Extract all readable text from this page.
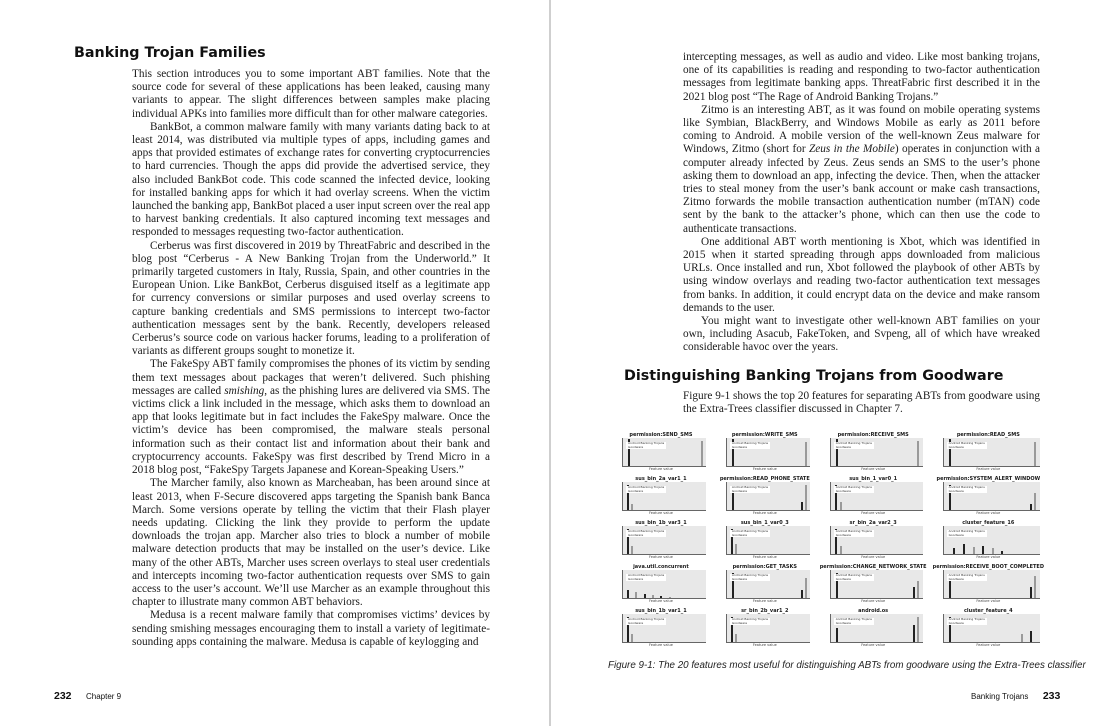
Banking Trojan Families

This section introduces you to some important ABT families. Note that the source code for several of these applications has been leaked, causing many variants to appear. The slight differences between samples make placing individual APKs into families more difficult than for other malware categories.

BankBot, a common malware family with many variants dating back to at least 2014, was distributed via multiple types of apps, including games and apps that provided estimates of exchange rates for converting cryptocurrencies to hard currencies. Though the apps did provide the advertised service, they also included BankBot code. This code scanned the infected device, looking for installed banking apps for which it had overlay screens. When the victim launched the banking app, BankBot placed a user input screen over the real app to harvest banking credentials. It also captured incoming text messages and responded to messages requesting two-factor authentication.

Cerberus was first discovered in 2019 by ThreatFabric and described in the blog post “Cerberus - A New Banking Trojan from the Underworld.” It primarily targeted customers in Italy, Russia, Spain, and other countries in the European Union. Like BankBot, Cerberus disguised itself as a legitimate app for currency conversions or similar purposes and used overlay screens to capture banking credentials and SMS permissions to intercept two-factor authentication messages sent by the bank. Recently, developers released Cerberus’s source code on various hacker forums, leading to a proliferation of variants as different groups sought to monetize it.

The FakeSpy ABT family compromises the phones of its victim by sending them text messages about packages that weren’t delivered. Such phishing messages are called smishing, as the phishing lures are delivered via SMS. The victims click a link included in the message, which asks them to download an app that looks legitimate but in fact includes the FakeSpy malware. Once the victim’s device has been compromised, the malware steals personal information such as their contact list and information about their bank and cryptocurrency accounts. FakeSpy was first described by Trend Micro in a 2018 blog post, “FakeSpy Targets Japanese and Korean-Speaking Users.”

The Marcher family, also known as Marcheaban, has been around since at least 2013, when F-Secure discovered apps targeting the Spanish bank Banca March. Some versions operate by telling the victim that their Flash player needs updating. Clicking the link they provide to perform the update downloads the trojan app. Marcher also tries to block a number of mobile malware detection products that may be installed on the user’s device. Like many of the other ABTs, Marcher uses screen overlays to steal user credentials and intercepts incoming two-factor authentication requests over SMS to gain access to the user’s account. We’ll use Marcher as an example throughout this chapter to illustrate many common ABT behaviors.

Medusa is a recent malware family that compromises victims’ devices by sending smishing messages encouraging them to install a variety of legitimate-sounding apps containing the malware. Medusa is capable of keylogging and

232 Chapter 9

intercepting messages, as well as audio and video. Like most banking trojans, one of its capabilities is reading and responding to two-factor authentication messages from legitimate banking apps. ThreatFabric first described it in the 2021 blog post “The Rage of Android Banking Trojans.”

Zitmo is an interesting ABT, as it was found on mobile operating systems like Symbian, BlackBerry, and Windows Mobile as early as 2011 before coming to Android. A mobile version of the well-known Zeus malware for Windows, Zitmo (short for Zeus in the Mobile) operates in conjunction with a computer already infected by Zeus. Zeus sends an SMS to the user’s phone asking them to download an app, infecting the device. Then, when the attacker tries to steal money from the user’s bank account or make cash transactions, Zitmo forwards the mobile transaction authentication number (mTAN) code sent by the bank to the attacker’s phone, which can then use the code to authenticate transactions.

One additional ABT worth mentioning is Xbot, which was identified in 2015 when it started spreading through apps downloaded from malicious URLs. Once installed and run, Xbot followed the playbook of other ABTs by using window overlays and reading two-factor authentication text messages from banks. In addition, it could encrypt data on the device and make ransom demands to the user.

You might want to investigate other well-known ABT families on your own, including Asacub, FakeToken, and Svpeng, all of which have wreaked considerable havoc over the years.

Distinguishing Banking Trojans from Goodware

Figure 9-1 shows the top 20 features for separating ABTs from goodware using the Extra-Trees classifier discussed in Chapter 7.

Banking Trojans 233
permission:SEND_SMS
Android Banking Trojans
Goodware
Feature value
permission:WRITE_SMS
Android Banking Trojans
Goodware
Feature value
permission:RECEIVE_SMS
Android Banking Trojans
Goodware
Feature value
permission:READ_SMS
Android Banking Trojans
Goodware
Feature value
sus_bin_2a_var1_1
Android Banking Trojans
Goodware
Feature value
permission:READ_PHONE_STATE
Android Banking Trojans
Goodware
Feature value
sus_bin_1_var0_1
Android Banking Trojans
Goodware
Feature value
permission:SYSTEM_ALERT_WINDOW
Android Banking Trojans
Goodware
Feature value
sus_bin_1b_var3_1
Android Banking Trojans
Goodware
Feature value
sus_bin_1_var0_3
Android Banking Trojans
Goodware
Feature value
sr_bin_2a_var2_3
Android Banking Trojans
Goodware
Feature value
cluster_feature_16
Android Banking Trojans
Goodware
Feature value
java.util.concurrent
Android Banking Trojans
Goodware
Feature value
permission:GET_TASKS
Android Banking Trojans
Goodware
Feature value
permission:CHANGE_NETWORK_STATE
Android Banking Trojans
Goodware
Feature value
permission:RECEIVE_BOOT_COMPLETED
Android Banking Trojans
Goodware
Feature value
sus_bin_1b_var1_1
Android Banking Trojans
Goodware
Feature value
sr_bin_2b_var1_2
Android Banking Trojans
Goodware
Feature value
android.os
Android Banking Trojans
Goodware
Feature value
cluster_feature_4
Android Banking Trojans
Goodware
Feature value
Figure 9-1: The 20 features most useful for distinguishing ABTs from goodware using the Extra-Trees classifier
